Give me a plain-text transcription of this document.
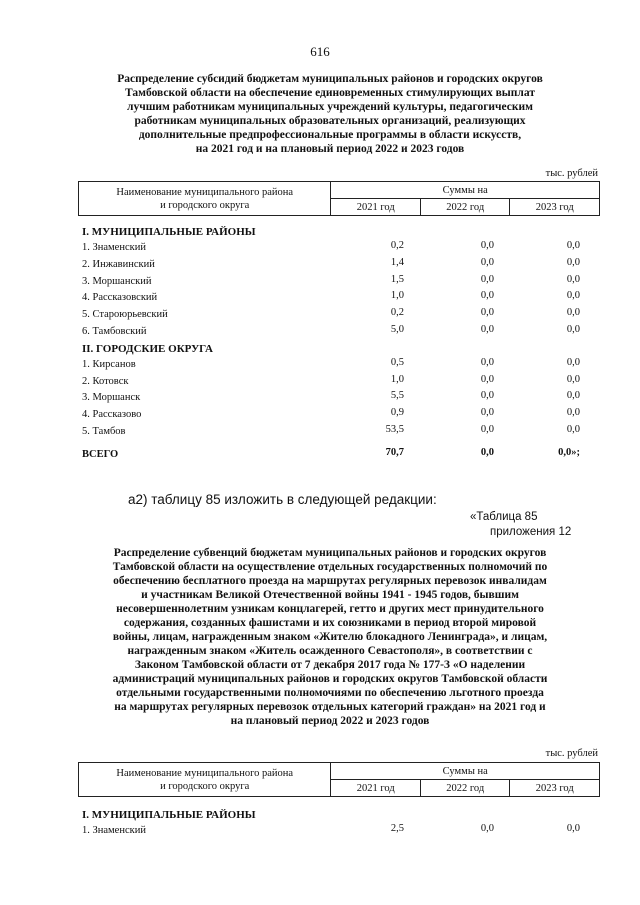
616
Распределение субсидий бюджетам муниципальных районов и городских округов
Тамбовской области на обеспечение единовременных стимулирующих выплат
лучшим работникам муниципальных учреждений культуры, педагогическим
работникам муниципальных образовательных организаций, реализующих
дополнительные предпрофессиональные программы в области искусств,
на 2021 год и на плановый период 2022 и 2023 годов
тыс. рублей
Наименование муниципального района
и городского округа	Суммы на		
	2021 год	2022 год	2023 год
I. МУНИЦИПАЛЬНЫЕ РАЙОНЫ
1. Знаменский	0,2	0,0	0,0
2. Инжавинский	1,4	0,0	0,0
3. Моршанский	1,5	0,0	0,0
4. Рассказовский	1,0	0,0	0,0
5. Староюрьевский	0,2	0,0	0,0
6. Тамбовский	5,0	0,0	0,0
II. ГОРОДСКИЕ ОКРУГА
1. Кирсанов	0,5	0,0	0,0
2. Котовск	1,0	0,0	0,0
3. Моршанск	5,5	0,0	0,0
4. Рассказово	0,9	0,0	0,0
5. Тамбов	53,5	0,0	0,0
ВСЕГО	70,7	0,0	0,0»;
а2) таблицу 85 изложить в следующей редакции:
«Таблица 85
приложения 12
Распределение субвенций бюджетам муниципальных районов и городских округов
Тамбовской области на осуществление отдельных государственных полномочий по
обеспечению бесплатного проезда на маршрутах регулярных перевозок инвалидам
и участникам Великой Отечественной войны 1941 - 1945 годов, бывшим
несовершеннолетним узникам концлагерей, гетто и других мест принудительного
содержания, созданных фашистами и их союзниками в период второй мировой
войны, лицам, награжденным знаком «Жителю блокадного Ленинграда», и лицам,
награжденным знаком «Житель осажденного Севастополя», в соответствии с
Законом Тамбовской области от 7 декабря 2017 года № 177-З «О наделении
администраций муниципальных районов и городских округов Тамбовской области
отдельными государственными полномочиями по обеспечению льготного проезда
на маршрутах регулярных перевозок отдельных категорий граждан» на 2021 год и
на плановый период 2022 и 2023 годов
тыс. рублей
Наименование муниципального района
и городского округа	Суммы на		
	2021 год	2022 год	2023 год
I. МУНИЦИПАЛЬНЫЕ РАЙОНЫ
1. Знаменский	2,5	0,0	0,0
